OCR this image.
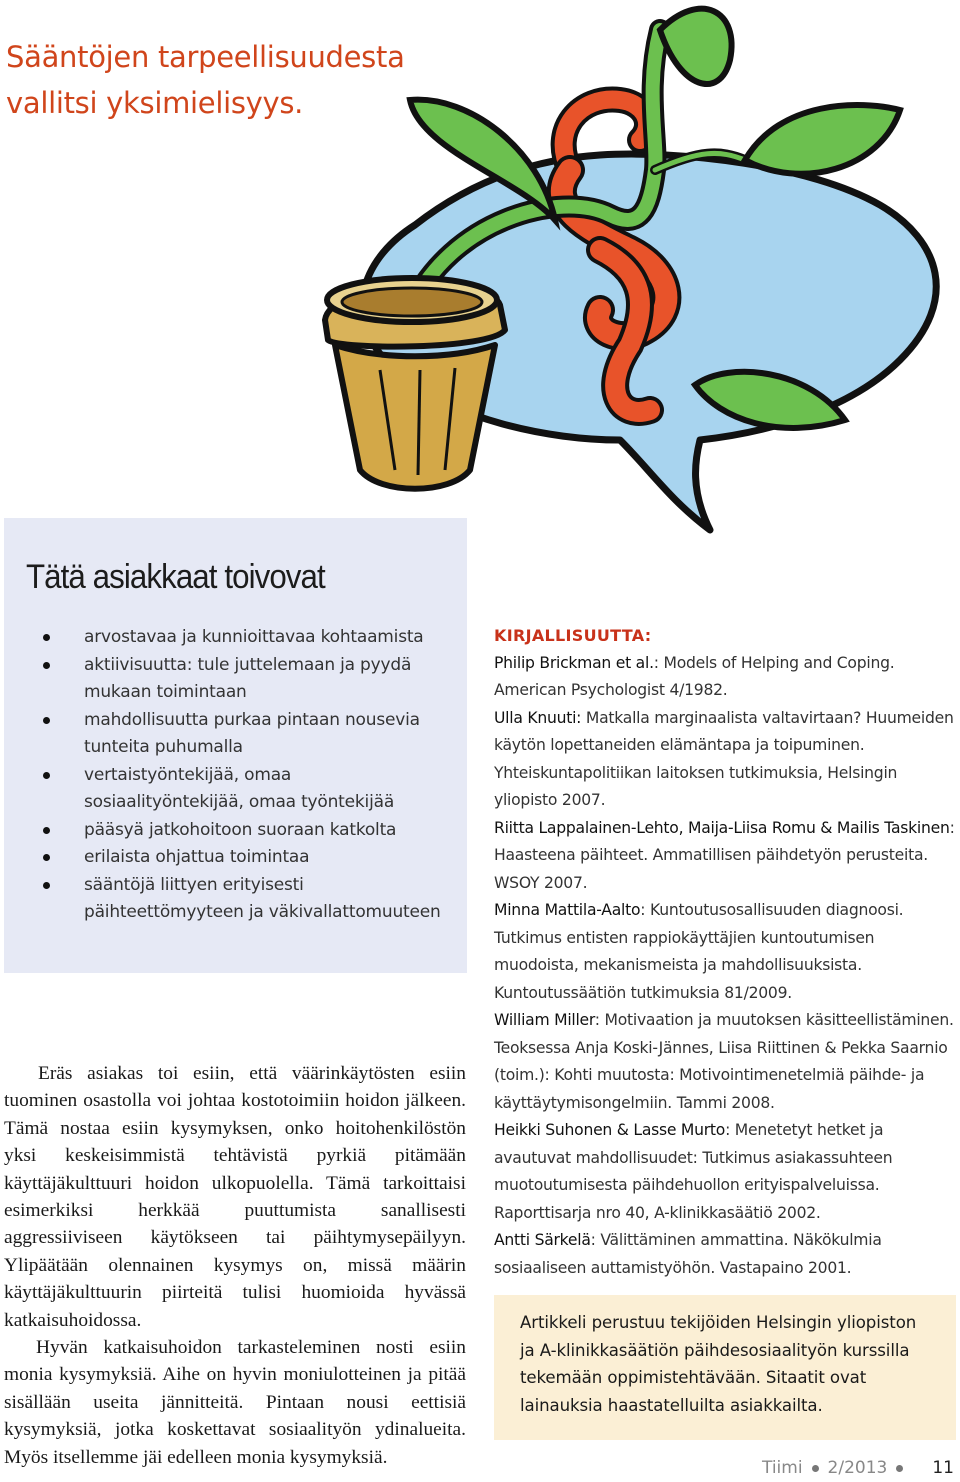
Sääntöjen tarpeellisuudesta
vallitsi yksimielisyys.
Tätä asiakkaat toivovat
arvostavaa ja kunnioittavaa kohtaamista
aktiivisuutta: tule juttelemaan ja pyydä mukaan toimintaan
mahdollisuutta purkaa pintaan nousevia tunteita puhumalla
vertaistyöntekijää, omaa sosiaalityöntekijää, omaa työntekijää
pääsyä jatkohoitoon suoraan katkolta
erilaista ohjattua toimintaa
sääntöjä liittyen erityisesti päihteettömyyteen ja väkivallattomuuteen

Eräs asiakas toi esiin, että väärinkäytösten esiin tuominen osastolla voi johtaa kostotoimiin hoidon jälkeen. Tämä nostaa esiin kysymyksen, onko hoitohenkilöstön yksi keskeisimmistä tehtävistä pyrkiä pitämään käyttäjäkulttuuri hoidon ulkopuolella. Tämä tarkoittaisi esimerkiksi herkkää puuttumista sanallisesti aggressiiviseen käytökseen tai päihtymysepäilyyn. Ylipäätään olennainen kysymys on, missä määrin käyttäjäkulttuurin piirteitä tulisi huomioida hyvässä katkaisuhoidossa.

Hyvän katkaisuhoidon tarkasteleminen nosti esiin monia kysymyksiä. Aihe on hyvin moniulotteinen ja pitää sisällään useita jännitteitä. Pintaan nousi eettisiä kysymyksiä, jotka koskettavat sosiaalityön ydinalueita. Myös itsellemme jäi edelleen monia kysymyksiä.

KIRJALLISUUTTA:
Philip Brickman et al.: Models of Helping and Coping. American Psychologist 4/1982.
Ulla Knuuti: Matkalla marginaalista valtavirtaan? Huumeiden käytön lopettaneiden elämäntapa ja toipuminen. Yhteiskuntapolitiikan laitoksen tutkimuksia, Helsingin yliopisto 2007.
Riitta Lappalainen-Lehto, Maija-Liisa Romu & Mailis Taskinen: Haasteena päihteet. Ammatillisen päihdetyön perusteita. WSOY 2007.
Minna Mattila-Aalto: Kuntoutusosallisuuden diagnoosi. Tutkimus entisten rappiokäyttäjien kuntoutumisen muodoista, mekanismeista ja mahdollisuuksista. Kuntoutussäätiön tutkimuksia 81/2009.
William Miller: Motivaation ja muutoksen käsitteellistäminen. Teoksessa Anja Koski-Jännes, Liisa Riittinen & Pekka Saarnio (toim.): Kohti muutosta: Motivointimenetelmiä päihde- ja käyttäytymisongelmiin. Tammi 2008.
Heikki Suhonen & Lasse Murto: Menetetyt hetket ja avautuvat mahdollisuudet: Tutkimus asiakassuhteen muotoutumisesta päihdehuollon erityispalveluissa. Raporttisarja nro 40, A-klinikkasäätiö 2002.
Antti Särkelä: Välittäminen ammattina. Näkökulmia sosiaaliseen auttamistyöhön. Vastapaino 2001.
Artikkeli perustuu tekijöiden Helsingin yliopiston ja A-klinikkasäätiön päihdesosiaalityön kurssilla tekemään oppimistehtävään. Sitaatit ovat lainauksia haastatelluilta asiakkailta.
Tiimi 2/2013	11
